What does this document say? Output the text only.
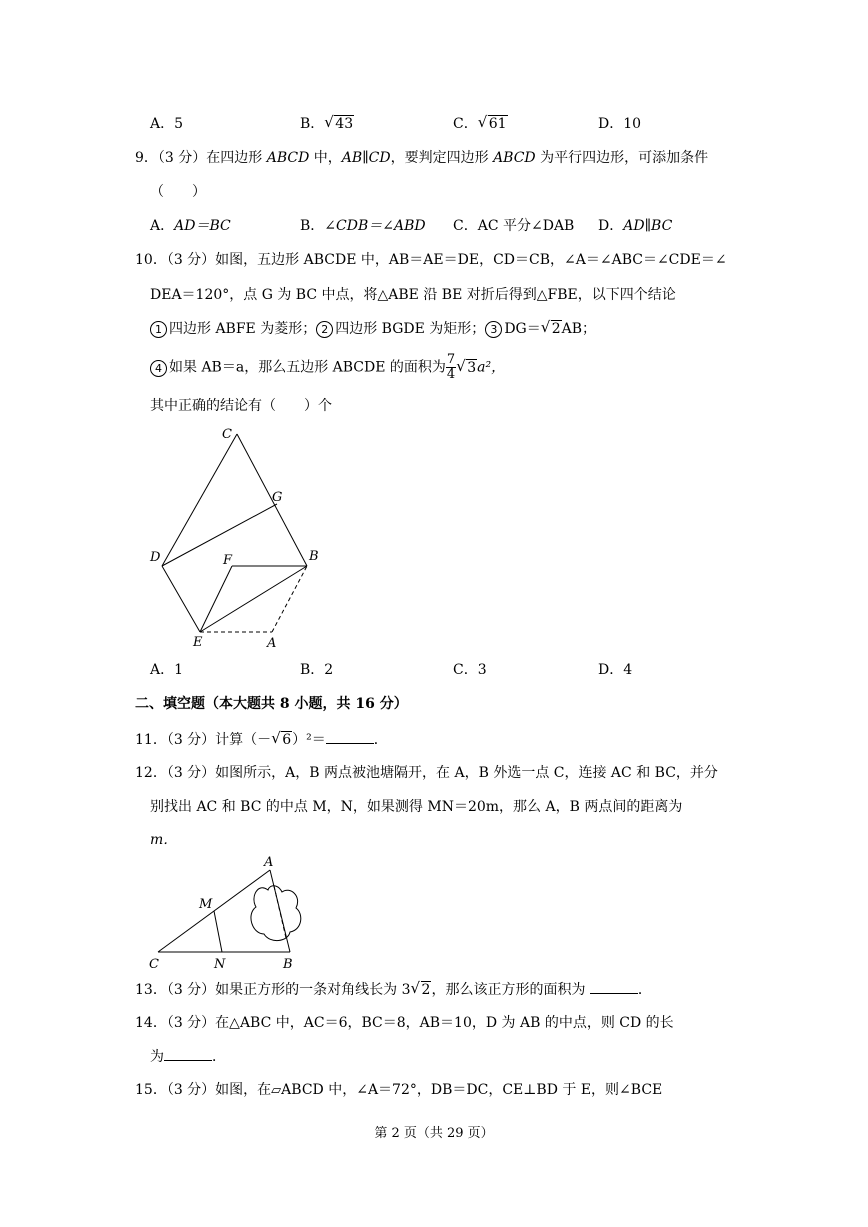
A．5	B． √ 43	C． √ 61	D．10
9．（3 分）在四边形 ABCD 中，AB∥CD，要判定四边形 ABCD 为平行四边形，可添加条件
（　　）
A．AD＝BC	B．∠CDB＝∠ABD C．AC 平分∠DAB D．AD∥BC
10．（3 分）如图，五边形 ABCDE 中，AB＝AE＝DE，CD＝CB，∠A＝∠ABC＝∠CDE＝∠
DEA＝120°，点 G 为 BC 中点，将△ABE 沿 BE 对折后得到△FBE，以下四个结论
1 四边形 ABFE 为菱形； 2 四边形 BGDE 为矩形； 3 DG＝ √ 2AB；
4 如果 AB＝a，那么五边形 ABCDE 的面积为 $\frac{7}{4}$ √ 3a²，
其中正确的结论有（　　）个
C
G
D	F	B
E	A
A．1	B．2	C．3	D．4
二、填空题（本大题共 8 小题，共 16 分）
11．（3 分）计算（－ √ 6）²＝	．
12．（3 分）如图所示，A，B 两点被池塘隔开，在 A，B 外选一点 C，连接 AC 和 BC，并分
别找出 AC 和 BC 的中点 M，N，如果测得 MN＝20m，那么 A，B 两点间的距离为
m．
A
M
C	N	B
13．（3 分）如果正方形的一条对角线长为 3 √ 2，那么该正方形的面积为	．
14．（3 分）在△ABC 中，AC＝6，BC＝8，AB＝10，D 为 AB 的中点，则 CD 的长
为	．
15．（3 分）如图，在▱ABCD 中，∠A＝72°，DB＝DC，CE⊥BD 于 E，则∠BCE
第 2 页（共 29 页）
